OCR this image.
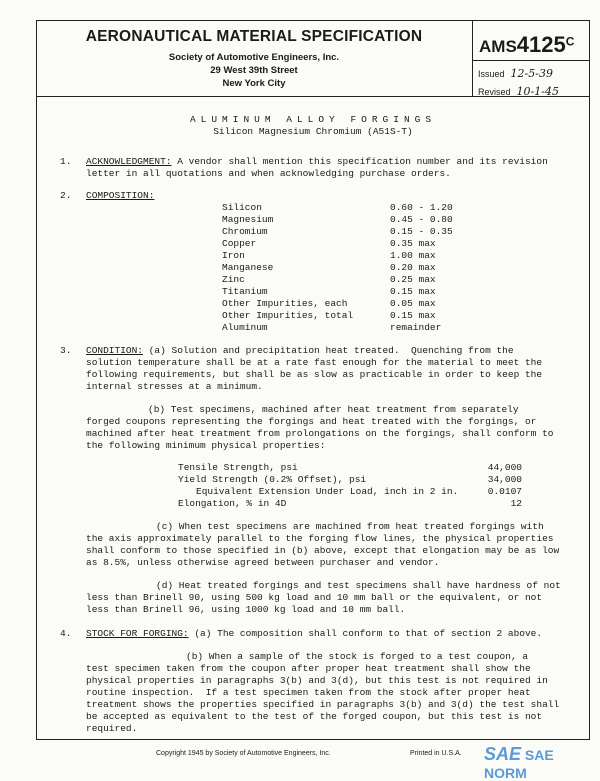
AERONAUTICAL MATERIAL SPECIFICATION
Society of Automotive Engineers, Inc.
29 West 39th Street
New York City
$AMS4125^C$
Issued 12-5-39
Revised 10-1-45
ALUMINUM ALLOY FORGINGS
Silicon Magnesium Chromium (A51S-T)
1. ACKNOWLEDGMENT: A vendor shall mention this specification number and its revision
letter in all quotations and when acknowledging purchase orders.
2. COMPOSITION:
Silicon	0.60 - 1.20
Magnesium	0.45 - 0.80
Chromium	0.15 - 0.35
Copper	0.35 max
Iron	1.00 max
Manganese	0.20 max
Zinc	0.25 max
Titanium	0.15 max
Other Impurities, each	0.05 max
Other Impurities, total	0.15 max
Aluminum	remainder
3. CONDITION: (a) Solution and precipitation heat treated.  Quenching from the
solution temperature shall be at a rate fast enough for the material to meet the
following requirements, but shall be as slow as practicable in order to keep the
internal stresses at a minimum.
(b) Test specimens, machined after heat treatment from separately
forged coupons representing the forgings and heat treated with the forgings, or
machined after heat treatment from prolongations on the forgings, shall conform to
the following minimum physical properties:
Tensile Strength, psi	44,000
Yield Strength (0.2% Offset), psi	34,000
Equivalent Extension Under Load, inch in 2 in.	0.0107
Elongation, % in 4D	12
(c) When test specimens are machined from heat treated forgings with
the axis approximately parallel to the forging flow lines, the physical properties
shall conform to those specified in (b) above, except that elongation may be as low
as 8.5%, unless otherwise agreed between purchaser and vendor.
(d) Heat treated forgings and test specimens shall have hardness of not
less than Brinell 90, using 500 kg load and 10 mm ball or the equivalent, or not
less than Brinell 96, using 1000 kg load and 10 mm ball.
4. STOCK FOR FORGING: (a) The composition shall conform to that of section 2 above.
(b) When a sample of the stock is forged to a test coupon, a
test specimen taken from the coupon after proper heat treatment shall show the
physical properties in paragraphs 3(b) and 3(d), but this test is not required in
routine inspection.  If a test specimen taken from the stock after proper heat
treatment shows the properties specified in paragraphs 3(b) and 3(d) the test shall
be accepted as equivalent to the test of the forged coupon, but this test is not
required.
Copyright 1945 by Society of Automotive Engineers, Inc.	Printed in U.S.A. SAE SAE NORM
